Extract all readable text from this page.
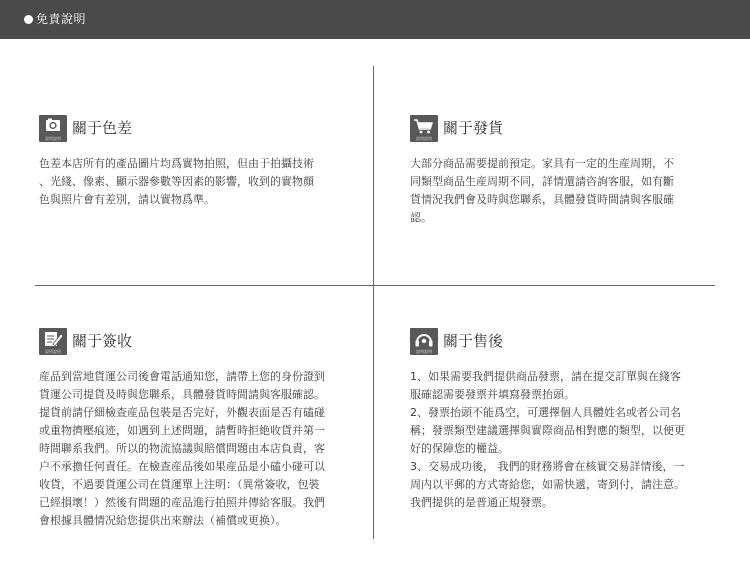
免責說明
說明說明
關于色差
色差本店所有的產品圖片均爲實物拍照，但由于拍攝技術
、光綫、像素、顯示器參數等因素的影響，收到的實物顔
色與照片會有差別，請以實物爲準。
說明說明
關于發貨
大部分商品需要提前預定。家具有一定的生産周期，不
同類型商品生産周期不同，詳情還請咨詢客服，如有斷
貨情況我們會及時與您聯系，具體發貨時間請與客服確
認。
說明說明
關于簽收
産品到當地貨運公司後會電話通知您，請帶上您的身份證到
貨運公司提貨及時與您聯系，具體發貨時間請與客服確認。
提貨前請仔細檢查産品包裝是否完好，外觀表面是否有磕碰
或重物擠壓痕迹，如遇到上述問題，請暫時拒絶收貨并第一
時間聯系我們。所以的物流協議與賠償問題由本店負責，客
户不承擔任何責任。在檢查産品後如果産品是小磕小碰可以
收貨，不過要貨運公司在貨運單上注明：（異常簽收，包裝
已經損壞！）然後有問題的産品進行拍照并傳給客服。我們
會根據具體情况給您提供出來辦法（補償或更换）。
說明說明
關于售後
1、如果需要我們提供商品發票，請在提交訂單與在綫客
服確認需要發票并填寫發票抬頭。
2、發票抬頭不能爲空，可選擇個人具體姓名或者公司名
稱；發票類型建議選擇與實際商品相對應的類型，以便更
好的保障您的權益。
3、交易成功後， 我們的財務將會在核實交易詳情後，一
周内以平郵的方式寄給您，如需快遞，寄到付，請注意。
我們提供的是普通正規發票。
